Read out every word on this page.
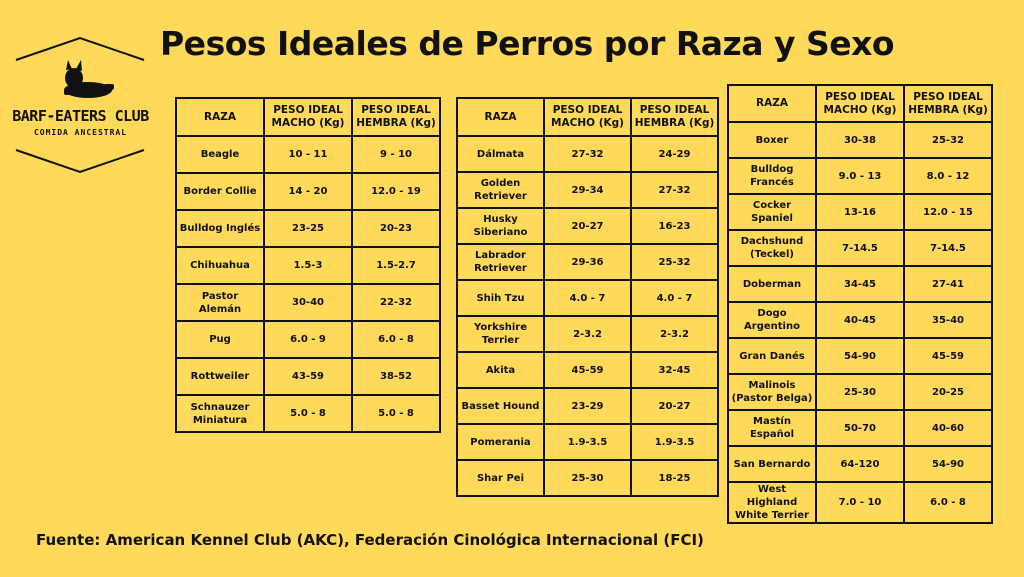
BARF-EATERS CLUB
COMIDA ANCESTRAL
Pesos Ideales de Perros por Raza y Sexo
RAZA	PESO IDEAL MACHO (Kg)	PESO IDEAL HEMBRA (Kg)
Beagle	10 - 11	9 - 10
Border Collie	14 - 20	12.0 - 19
Bulldog Inglés	23-25	20-23
Chihuahua	1.5-3	1.5-2.7
Pastor Alemán	30-40	22-32
Pug	6.0 - 9	6.0 - 8
Rottweiler	43-59	38-52
Schnauzer Miniatura	5.0 - 8	5.0 - 8
RAZA	PESO IDEAL MACHO (Kg)	PESO IDEAL HEMBRA (Kg)
Dálmata	27-32	24-29
Golden Retriever	29-34	27-32
Husky Siberiano	20-27	16-23
Labrador Retriever	29-36	25-32
Shih Tzu	4.0 - 7	4.0 - 7
Yorkshire Terrier	2-3.2	2-3.2
Akita	45-59	32-45
Basset Hound	23-29	20-27
Pomerania	1.9-3.5	1.9-3.5
Shar Pei	25-30	18-25
RAZA	PESO IDEAL MACHO (Kg)	PESO IDEAL HEMBRA (Kg)
Boxer	30-38	25-32
Bulldog Francés	9.0 - 13	8.0 - 12
Cocker Spaniel	13-16	12.0 - 15
Dachshund (Teckel)	7-14.5	7-14.5
Doberman	34-45	27-41
Dogo Argentino	40-45	35-40
Gran Danés	54-90	45-59
Malinois (Pastor Belga)	25-30	20-25
Mastín Español	50-70	40-60
San Bernardo	64-120	54-90
West Highland White Terrier	7.0 - 10	6.0 - 8
Fuente: American Kennel Club (AKC), Federación Cinológica Internacional (FCI)
